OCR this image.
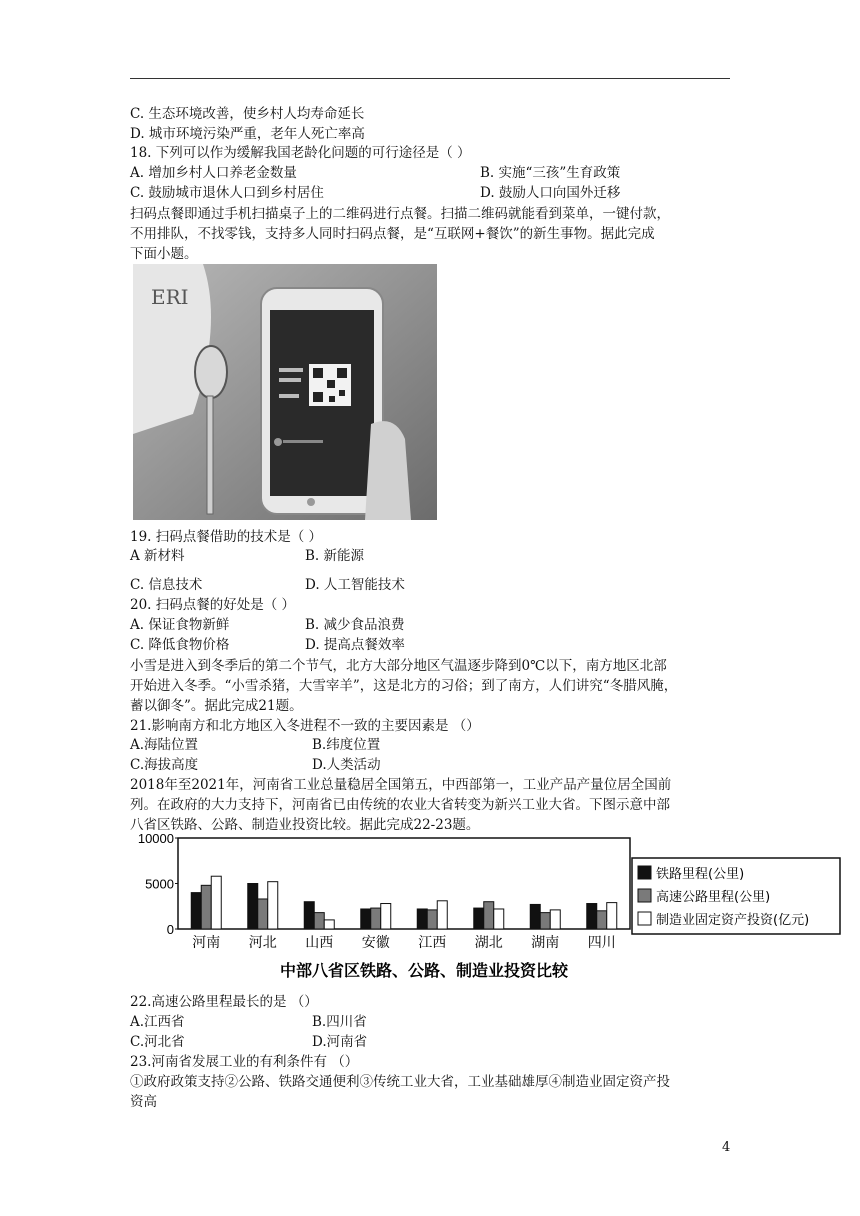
C. 生态环境改善，使乡村人均寿命延长
D. 城市环境污染严重，老年人死亡率高
18. 下列可以作为缓解我国老龄化问题的可行途径是（ ）
A. 增加乡村人口养老金数量
C. 鼓励城市退休人口到乡村居住
扫码点餐即通过手机扫描桌子上的二维码进行点餐。扫描二维码就能看到菜单，一键付款，
不用排队，不找零钱，支持多人同时扫码点餐，是“互联网+餐饮”的新生事物。据此完成
下面小题。
19. 扫码点餐借助的技术是（ ）
A 新材料
C. 信息技术
20. 扫码点餐的好处是（ ）
A. 保证食物新鲜
C. 降低食物价格
小雪是进入到冬季后的第二个节气，北方大部分地区气温逐步降到0℃以下，南方地区北部
开始进入冬季。“小雪杀猪，大雪宰羊”，这是北方的习俗；到了南方，人们讲究“冬腊风腌，
蓄以御冬”。据此完成21题。
21.影响南方和北方地区入冬进程不一致的主要因素是 （）
A.海陆位置
C.海拔高度
2018年至2021年，河南省工业总量稳居全国第五，中西部第一，工业产品产量位居全国前
列。在政府的大力支持下，河南省已由传统的农业大省转变为新兴工业大省。下图示意中部
八省区铁路、公路、制造业投资比较。据此完成22-23题。
22.高速公路里程最长的是 （）
A.江西省
C.河北省
23.河南省发展工业的有利条件有 （）
①政府政策支持②公路、铁路交通便利③传统工业大省，工业基础雄厚④制造业固定资产投
资高
B. 实施“三孩”生育政策
D. 鼓励人口向国外迁移
B. 新能源
D. 人工智能技术
B. 减少食品浪费
D. 提高点餐效率
B.纬度位置
D.人类活动
B.四川省
D.河南省
ERI
10000
5000
0
河南 河北 山西 安徽 江西 湖北 湖南 四川
中部八省区铁路、公路、制造业投资比较
铁路里程(公里)
高速公路里程(公里)
制造业固定资产投资(亿元)
4
